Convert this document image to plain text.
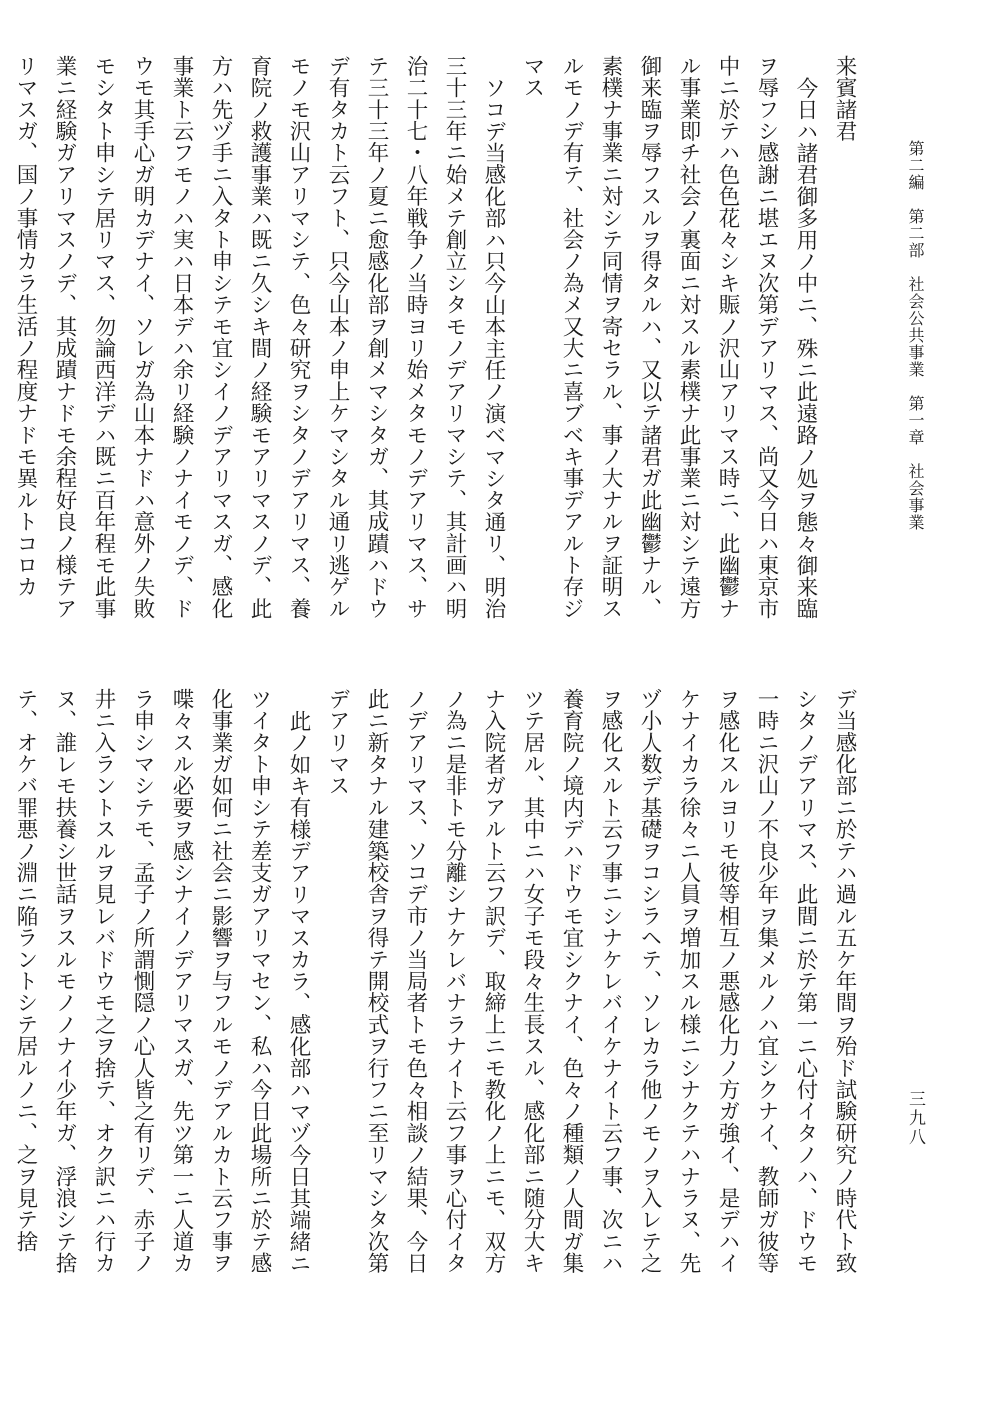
第二編　第二部　社会公共事業　第一章　社会事業
三九八

来賓諸君

今日ハ諸君御多用ノ中ニ、殊ニ此遠路ノ処ヲ態々御来臨ヲ辱フシ感謝ニ堪エヌ次第デアリマス、尚又今日ハ東京市中ニ於テハ色色花々シキ賑ノ沢山アリマス時ニ、此幽鬱ナル事業即チ社会ノ裏面ニ対スル素樸ナ此事業ニ対シテ遠方御来臨ヲ辱フスルヲ得タルハ、又以テ諸君ガ此幽鬱ナル、素樸ナ事業ニ対シテ同情ヲ寄セラル、事ノ大ナルヲ証明スルモノデ有テ、社会ノ為メ又大ニ喜ブベキ事デアルト存ジマス

ソコデ当感化部ハ只今山本主任ノ演ベマシタ通リ、明治三十三年ニ始メテ創立シタモノデアリマシテ、其計画ハ明治二十七・八年戦争ノ当時ヨリ始メタモノデアリマス、サテ三十三年ノ夏ニ愈感化部ヲ創メマシタガ、其成蹟ハドウデ有タカト云フト、只今山本ノ申上ケマシタル通リ逃ゲルモノモ沢山アリマシテ、色々研究ヲシタノデアリマス、養育院ノ救護事業ハ既ニ久シキ間ノ経験モアリマスノデ、此方ハ先ヅ手ニ入タト申シテモ宜シイノデアリマスガ、感化事業ト云フモノハ実ハ日本デハ余リ経験ノナイモノデ、ドウモ其手心ガ明カデナイ、ソレガ為山本ナドハ意外ノ失敗モシタト申シテ居リマス、勿論西洋デハ既ニ百年程モ此事業ニ経験ガアリマスノデ、其成蹟ナドモ余程好良ノ様テアリマスガ、国ノ事情カラ生活ノ程度ナドモ異ルトコロカ

デ当感化部ニ於テハ過ル五ケ年間ヲ殆ド試験研究ノ時代ト致シタノデアリマス、此間ニ於テ第一ニ心付イタノハ、ドウモ一時ニ沢山ノ不良少年ヲ集メルノハ宜シクナイ、教師ガ彼等ヲ感化スルヨリモ彼等相互ノ悪感化力ノ方ガ強イ、是デハイケナイカラ徐々ニ人員ヲ増加スル様ニシナクテハナラヌ、先ヅ小人数デ基礎ヲコシラヘテ、ソレカラ他ノモノヲ入レテ之ヲ感化スルト云フ事ニシナケレバイケナイト云フ事、次ニハ養育院ノ境内デハドウモ宜シクナイ、色々ノ種類ノ人間ガ集ツテ居ル、其中ニハ女子モ段々生長スル、感化部ニ随分大キナ入院者ガアルト云フ訳デ、取締上ニモ教化ノ上ニモ、双方ノ為ニ是非トモ分離シナケレバナラナイト云フ事ヲ心付イタノデアリマス、ソコデ市ノ当局者トモ色々相談ノ結果、今日此ニ新タナル建築校舎ヲ得テ開校式ヲ行フニ至リマシタ次第デアリマス

此ノ如キ有様デアリマスカラ、感化部ハマヅ今日其端緒ニツイタト申シテ差支ガアリマセン、私ハ今日此場所ニ於テ感化事業ガ如何ニ社会ニ影響ヲ与フルモノデアルカト云フ事ヲ喋々スル必要ヲ感シナイノデアリマスガ、先ツ第一ニ人道カラ申シマシテモ、孟子ノ所謂惻隠ノ心人皆之有リデ、赤子ノ井ニ入ラントスルヲ見レバドウモ之ヲ捨テ、オク訳ニハ行カヌ、誰レモ扶養シ世話ヲスルモノノナイ少年ガ、浮浪シテ捨テ、オケバ罪悪ノ淵ニ陥ラントシテ居ルノニ、之ヲ見テ捨
